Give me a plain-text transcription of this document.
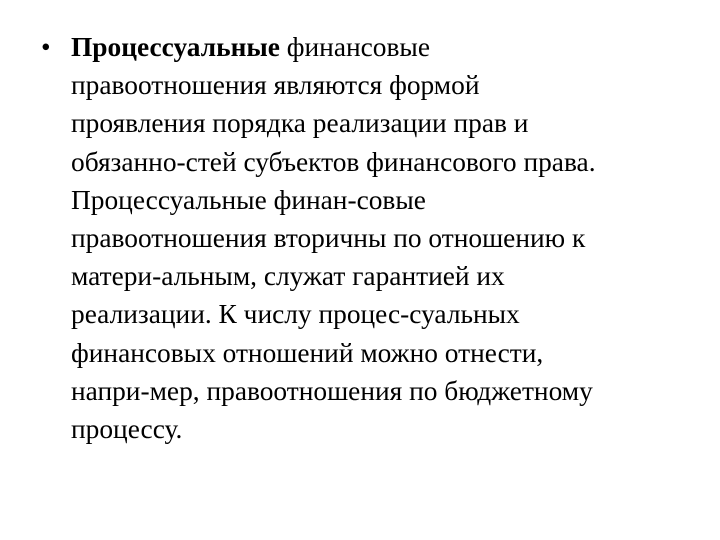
• Процессуальные финансовые
правоотношения являются формой
проявления порядка реализации прав и
обязанно-стей субъектов финансового права.
Процессуальные финан-совые
правоотношения вторичны по отношению к
матери-альным, служат гарантией их
реализации. К числу процес-суальных
финансовых отношений можно отнести,
напри-мер, правоотношения по бюджетному
процессу.
